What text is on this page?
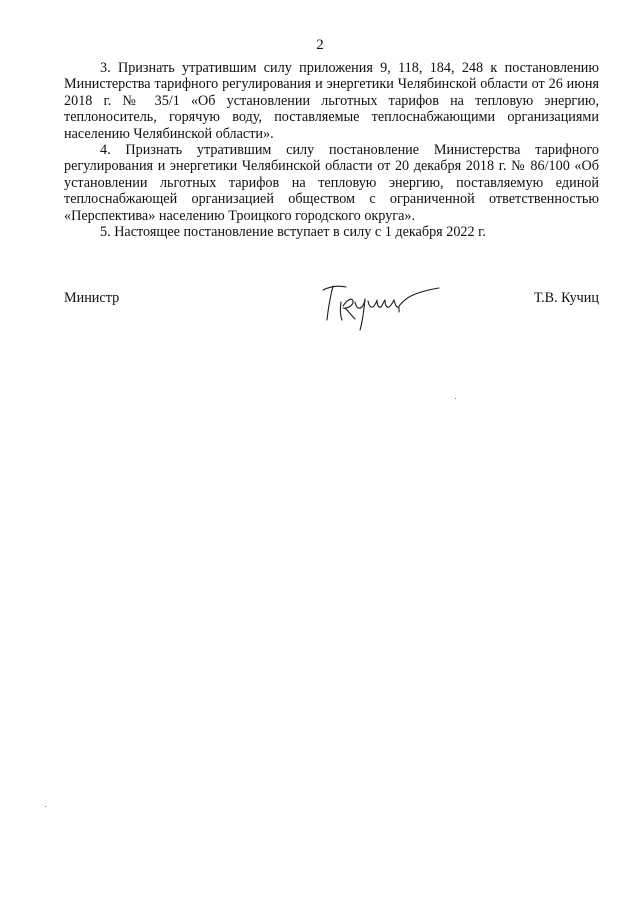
2

3. Признать утратившим силу приложения 9, 118, 184, 248 к постановлению Министерства тарифного регулирования и энергетики Челябинской области от 26 июня 2018 г. № 35/1 «Об установлении льготных тарифов на тепловую энергию, теплоноситель, горячую воду, поставляемые теплоснабжающими организациями населению Челябинской области».

4. Признать утратившим силу постановление Министерства тарифного регулирования и энергетики Челябинской области от 20 декабря 2018 г. № 86/100 «Об установлении льготных тарифов на тепловую энергию, поставляемую единой теплоснабжающей организацией обществом с ограниченной ответственностью «Перспектива» населению Троицкого городского округа».

5. Настоящее постановление вступает в силу с 1 декабря 2022 г.

Министр	Т.В. Кучиц
